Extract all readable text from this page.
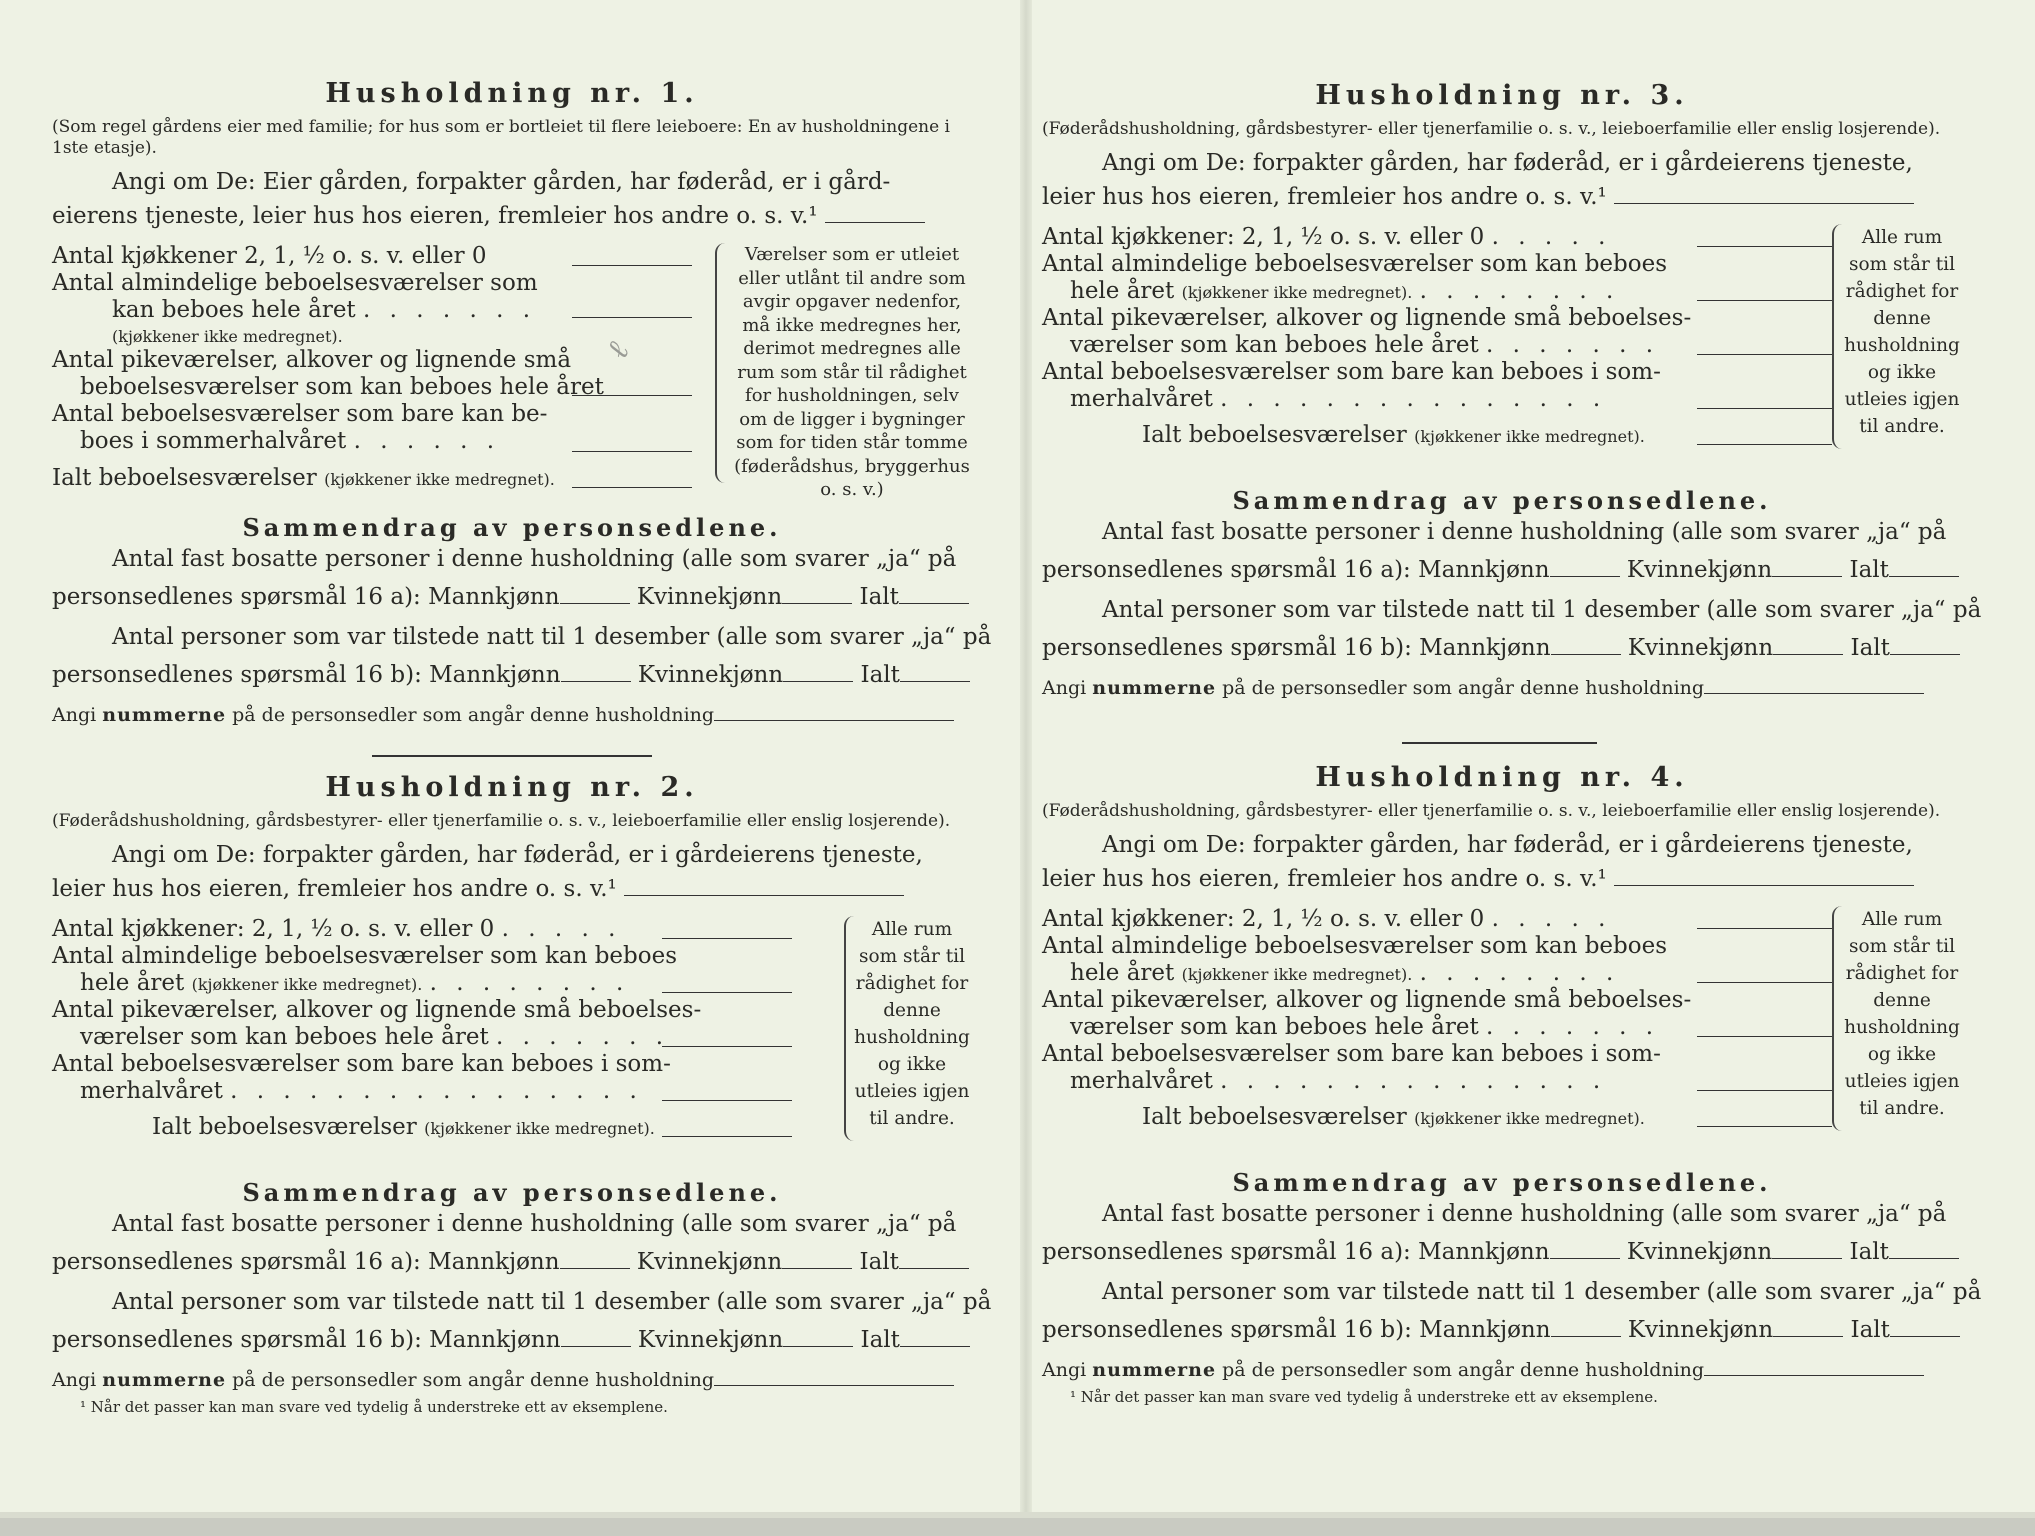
Husholdning nr. 1.
(Som regel gårdens eier med familie; for hus som er bortleiet til flere leieboere: En av husholdningene i 1ste etasje).
Angi om De: Eier gården, forpakter gården, har føderåd, er i gård-
eierens tjeneste, leier hus hos eieren, fremleier hos andre o. s. v.¹
Antal kjøkkener 2, 1, ½ o. s. v. eller 0
Antal almindelige beboelsesværelser som
kan beboes hele året . . . . . . .
(kjøkkener ikke medregnet).
Antal pikeværelser, alkover og lignende små
beboelsesværelser som kan beboes hele året
Antal beboelsesværelser som bare kan be-
boes i sommerhalvåret . . . . . .
Ialt beboelsesværelser (kjøkkener ikke medregnet).
Værelser som er utleiet eller utlånt til andre som avgir opgaver nedenfor, må ikke medregnes her, derimot medregnes alle rum som står til rådighet for husholdningen, selv om de ligger i bygninger som for tiden står tomme (føderådshus, bryggerhus o. s. v.)
ℓ
Sammendrag av personsedlene.
Antal fast bosatte personer i denne husholdning (alle som svarer „ja“ på
personsedlenes spørsmål 16 a): Mannkjønn	Kvinnekjønn	Ialt
Antal personer som var tilstede natt til 1 desember (alle som svarer „ja“ på
personsedlenes spørsmål 16 b): Mannkjønn	Kvinnekjønn	Ialt
Angi nummerne på de personsedler som angår denne husholdning
Husholdning nr. 2.
(Føderådshusholdning, gårdsbestyrer- eller tjenerfamilie o. s. v., leieboerfamilie eller enslig losjerende).
Angi om De: forpakter gården, har føderåd, er i gårdeierens tjeneste,
leier hus hos eieren, fremleier hos andre o. s. v.¹
Antal kjøkkener: 2, 1, ½ o. s. v. eller 0 . . . . .
Antal almindelige beboelsesværelser som kan beboes
hele året (kjøkkener ikke medregnet). . . . . . . . .
Antal pikeværelser, alkover og lignende små beboelses-
værelser som kan beboes hele året . . . . . . .
Antal beboelsesværelser som bare kan beboes i som-
merhalvåret . . . . . . . . . . . . . . . .
Ialt beboelsesværelser (kjøkkener ikke medregnet).
Alle rum som står til rådighet for denne husholdning og ikke utleies igjen til andre.
Sammendrag av personsedlene.
Antal fast bosatte personer i denne husholdning (alle som svarer „ja“ på
personsedlenes spørsmål 16 a): Mannkjønn	Kvinnekjønn	Ialt
Antal personer som var tilstede natt til 1 desember (alle som svarer „ja“ på
personsedlenes spørsmål 16 b): Mannkjønn	Kvinnekjønn	Ialt
Angi nummerne på de personsedler som angår denne husholdning
¹ Når det passer kan man svare ved tydelig å understreke ett av eksemplene.
Husholdning nr. 3.
(Føderådshusholdning, gårdsbestyrer- eller tjenerfamilie o. s. v., leieboerfamilie eller enslig losjerende).
Angi om De: forpakter gården, har føderåd, er i gårdeierens tjeneste,
leier hus hos eieren, fremleier hos andre o. s. v.¹
Antal kjøkkener: 2, 1, ½ o. s. v. eller 0 . . . . .
Antal almindelige beboelsesværelser som kan beboes
hele året (kjøkkener ikke medregnet). . . . . . . . .
Antal pikeværelser, alkover og lignende små beboelses-
værelser som kan beboes hele året . . . . . . .
Antal beboelsesværelser som bare kan beboes i som-
merhalvåret . . . . . . . . . . . . . . .
Ialt beboelsesværelser (kjøkkener ikke medregnet).
Alle rum som står til rådighet for denne husholdning og ikke utleies igjen til andre.
Sammendrag av personsedlene.
Antal fast bosatte personer i denne husholdning (alle som svarer „ja“ på
personsedlenes spørsmål 16 a): Mannkjønn	Kvinnekjønn	Ialt
Antal personer som var tilstede natt til 1 desember (alle som svarer „ja“ på
personsedlenes spørsmål 16 b): Mannkjønn	Kvinnekjønn	Ialt
Angi nummerne på de personsedler som angår denne husholdning
Husholdning nr. 4.
(Føderådshusholdning, gårdsbestyrer- eller tjenerfamilie o. s. v., leieboerfamilie eller enslig losjerende).
Angi om De: forpakter gården, har føderåd, er i gårdeierens tjeneste,
leier hus hos eieren, fremleier hos andre o. s. v.¹
Antal kjøkkener: 2, 1, ½ o. s. v. eller 0 . . . . .
Antal almindelige beboelsesværelser som kan beboes
hele året (kjøkkener ikke medregnet). . . . . . . . .
Antal pikeværelser, alkover og lignende små beboelses-
værelser som kan beboes hele året . . . . . . .
Antal beboelsesværelser som bare kan beboes i som-
merhalvåret . . . . . . . . . . . . . . .
Ialt beboelsesværelser (kjøkkener ikke medregnet).
Alle rum som står til rådighet for denne husholdning og ikke utleies igjen til andre.
Sammendrag av personsedlene.
Antal fast bosatte personer i denne husholdning (alle som svarer „ja“ på
personsedlenes spørsmål 16 a): Mannkjønn	Kvinnekjønn	Ialt
Antal personer som var tilstede natt til 1 desember (alle som svarer „ja“ på
personsedlenes spørsmål 16 b): Mannkjønn	Kvinnekjønn	Ialt
Angi nummerne på de personsedler som angår denne husholdning
¹ Når det passer kan man svare ved tydelig å understreke ett av eksemplene.
